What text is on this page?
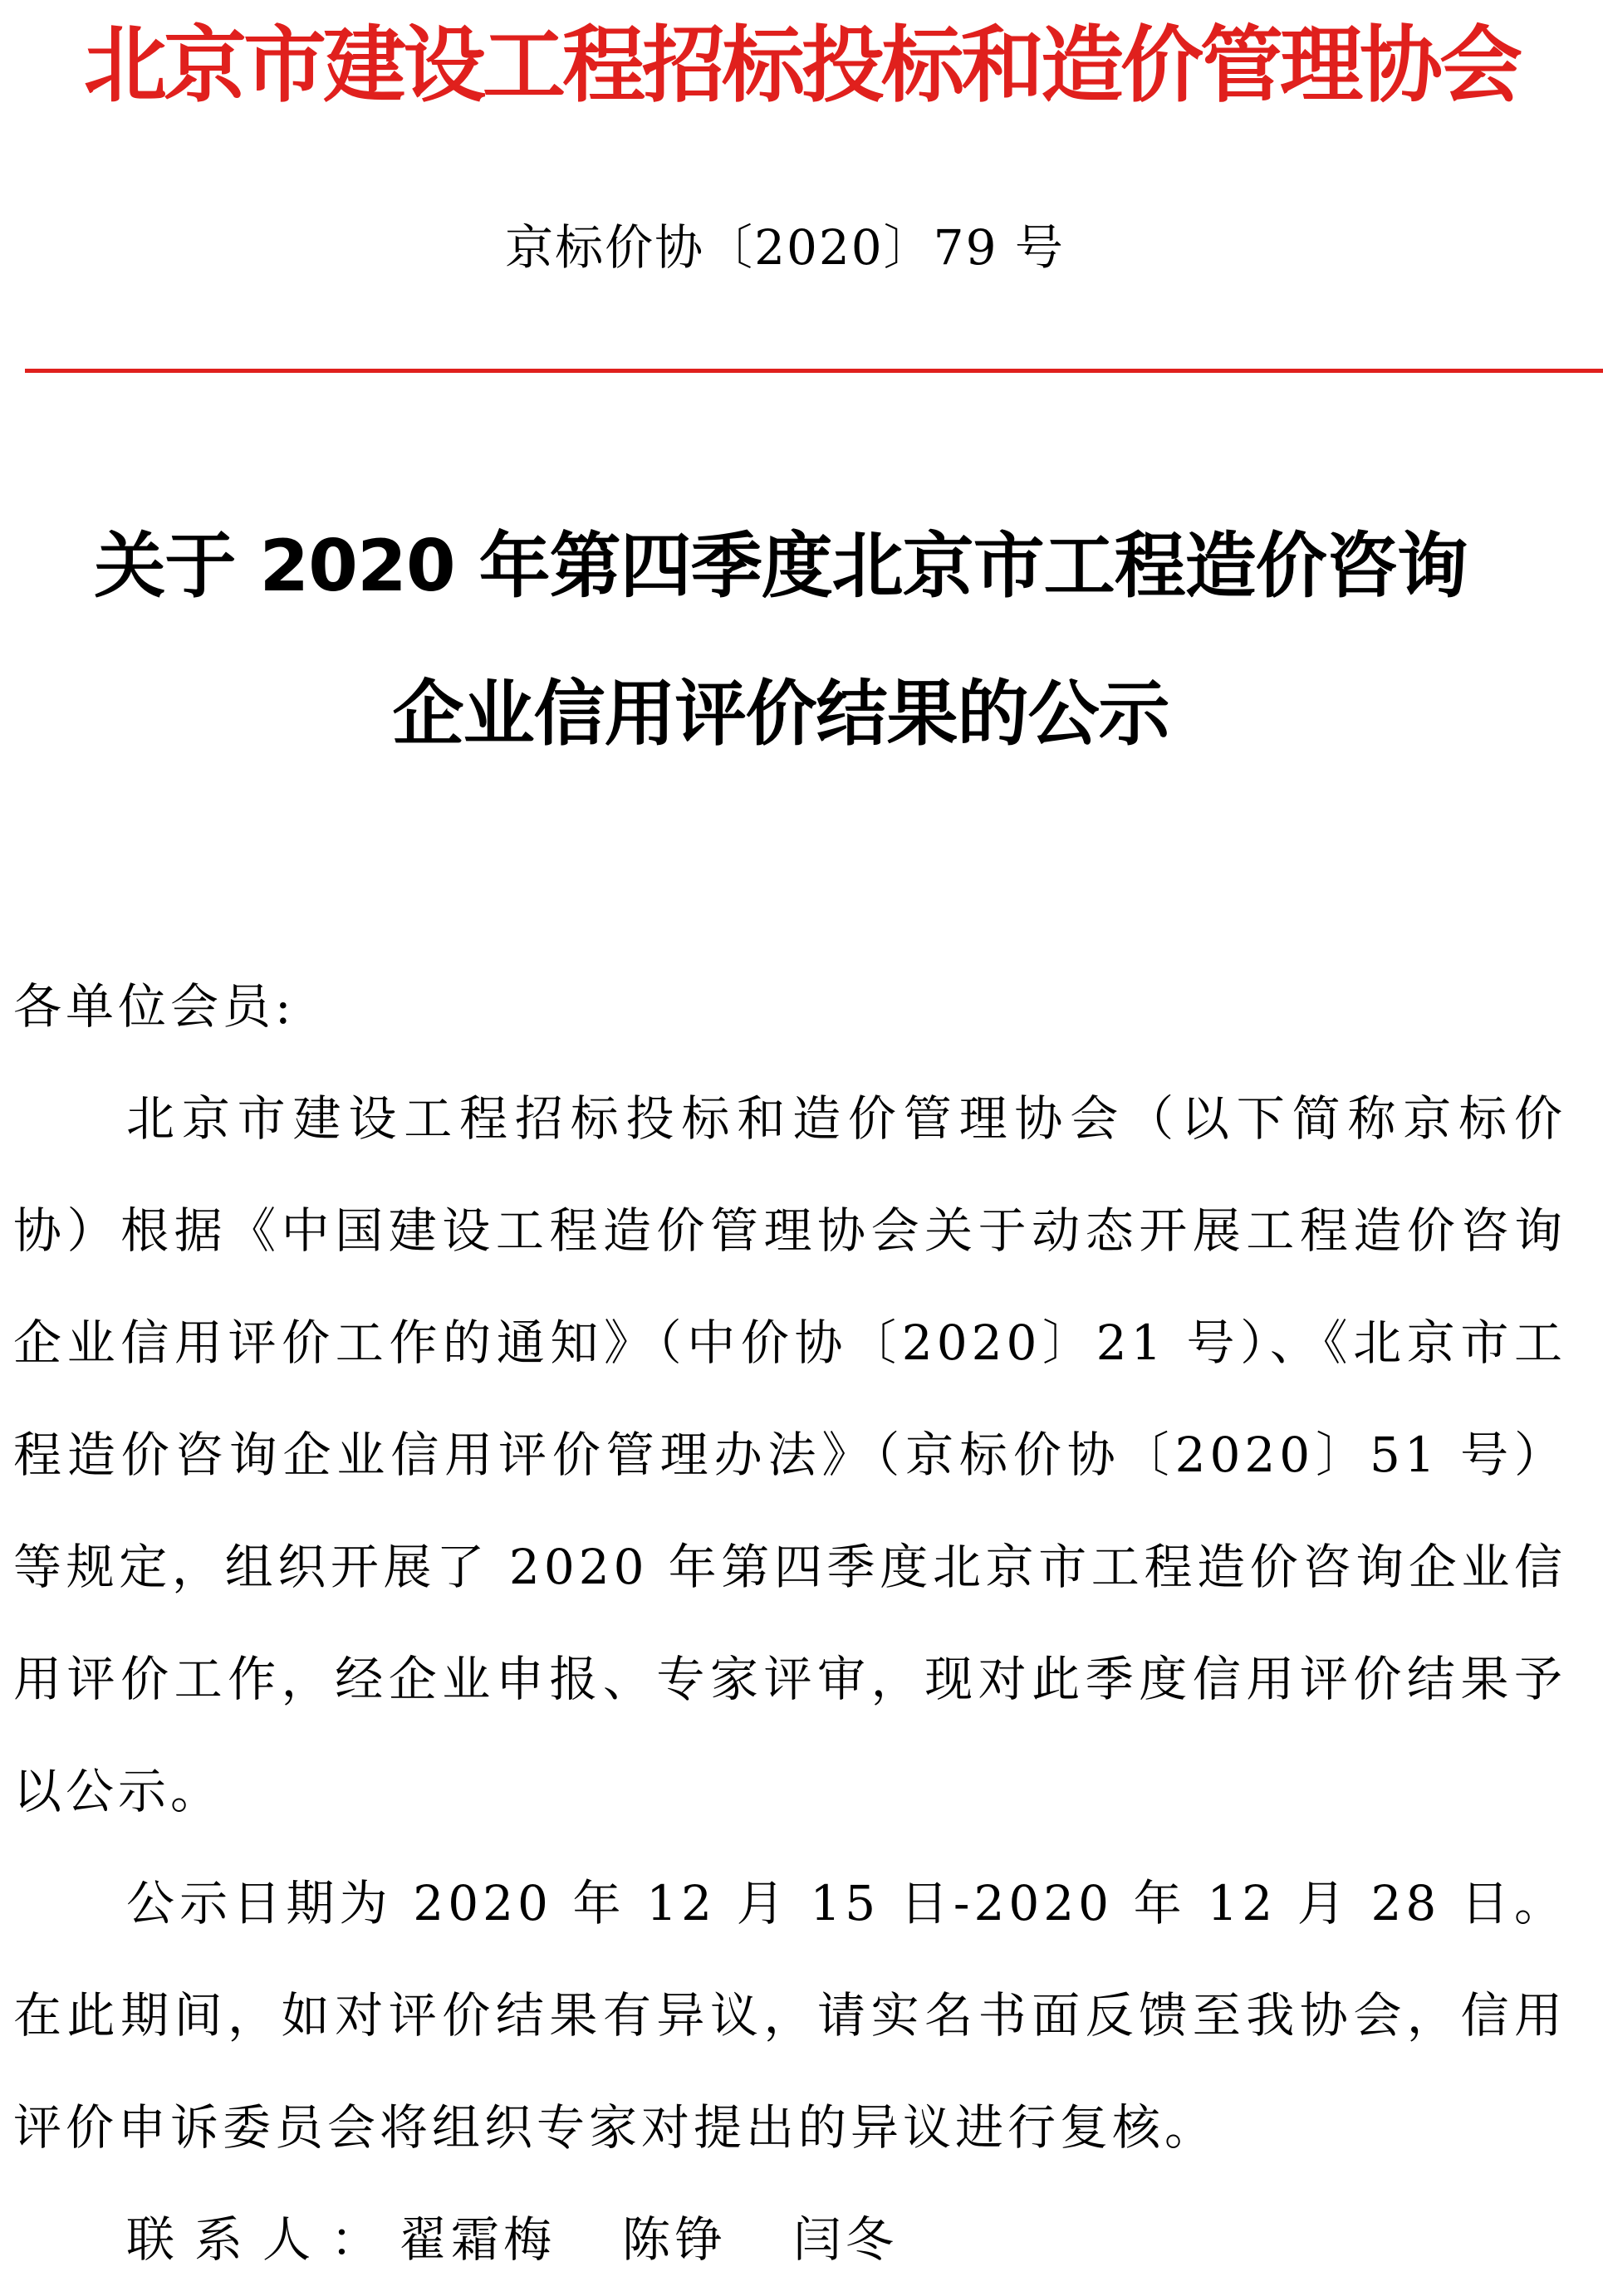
北京市建设工程招标投标和造价管理协会
京标价协〔2020〕79 号
关于 2020 年第四季度北京市工程造价咨询
企业信用评价结果的公示

各单位会员:

北京市建设工程招标投标和造价管理协会（以下简称京标价协）根据《中国建设工程造价管理协会关于动态开展工程造价咨询企业信用评价工作的通知》（中价协〔2020〕21 号）、《北京市工程造价咨询企业信用评价管理办法》（京标价协〔2020〕51 号）等规定，组织开展了 2020 年第四季度北京市工程造价咨询企业信用评价工作，经企业申报、专家评审，现对此季度信用评价结果予以公示。

公示日期为 2020 年 12 月 15 日-2020 年 12 月 28 日。在此期间，如对评价结果有异议，请实名书面反馈至我协会，信用评价申诉委员会将组织专家对提出的异议进行复核。

联系人：翟霜梅 陈铮 闫冬
